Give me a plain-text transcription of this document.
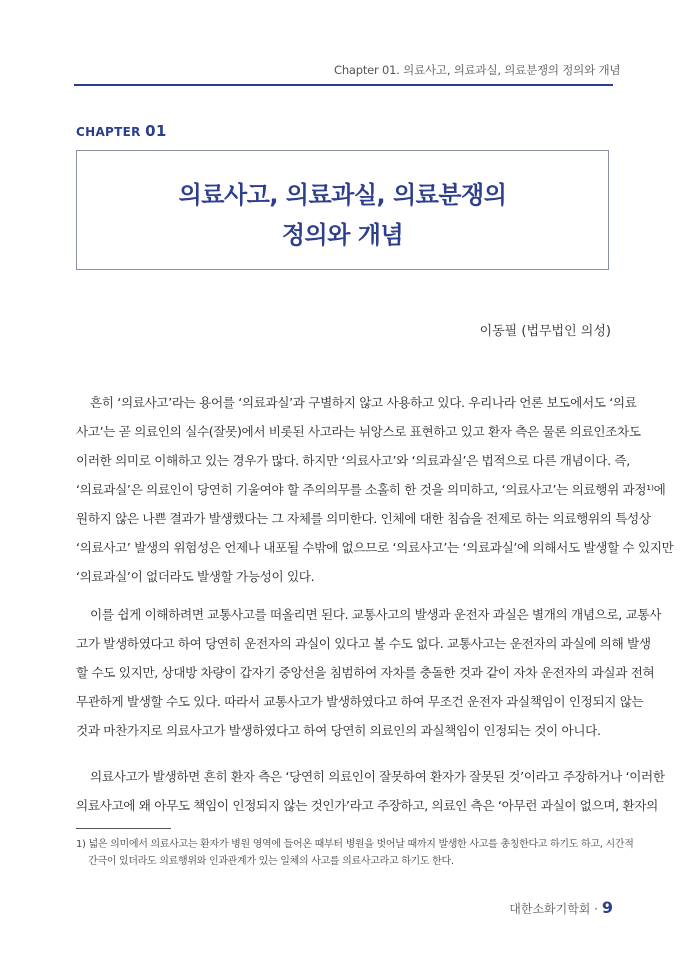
Chapter 01. 의료사고, 의료과실, 의료분쟁의 정의와 개념
CHAPTER 01
의료사고, 의료과실, 의료분쟁의
정의와 개념
이동필 (법무법인 의성)
흔히 ‘의료사고’라는 용어를 ‘의료과실’과 구별하지 않고 사용하고 있다. 우리나라 언론 보도에서도 ‘의료
사고’는 곧 의료인의 실수(잘못)에서 비롯된 사고라는 뉘앙스로 표현하고 있고 환자 측은 물론 의료인조차도
이러한 의미로 이해하고 있는 경우가 많다. 하지만 ‘의료사고’와 ‘의료과실’은 법적으로 다른 개념이다. 즉,
‘의료과실’은 의료인이 당연히 기울여야 할 주의의무를 소홀히 한 것을 의미하고, ‘의료사고’는 의료행위 과정¹⁾에
원하지 않은 나쁜 결과가 발생했다는 그 자체를 의미한다. 인체에 대한 침습을 전제로 하는 의료행위의 특성상
‘의료사고’ 발생의 위험성은 언제나 내포될 수밖에 없으므로 ‘의료사고’는 ‘의료과실’에 의해서도 발생할 수 있지만
‘의료과실’이 없더라도 발생할 가능성이 있다.
이를 쉽게 이해하려면 교통사고를 떠올리면 된다. 교통사고의 발생과 운전자 과실은 별개의 개념으로, 교통사
고가 발생하였다고 하여 당연히 운전자의 과실이 있다고 볼 수도 없다. 교통사고는 운전자의 과실에 의해 발생
할 수도 있지만, 상대방 차량이 갑자기 중앙선을 침범하여 자차를 충돌한 것과 같이 자차 운전자의 과실과 전혀
무관하게 발생할 수도 있다. 따라서 교통사고가 발생하였다고 하여 무조건 운전자 과실책임이 인정되지 않는
것과 마찬가지로 의료사고가 발생하였다고 하여 당연히 의료인의 과실책임이 인정되는 것이 아니다.
의료사고가 발생하면 흔히 환자 측은 ‘당연히 의료인이 잘못하여 환자가 잘못된 것’이라고 주장하거나 ‘이러한
의료사고에 왜 아무도 책임이 인정되지 않는 것인가’라고 주장하고, 의료인 측은 ‘아무런 과실이 없으며, 환자의
1) 넓은 의미에서 의료사고는 환자가 병원 영역에 들어온 때부터 병원을 벗어날 때까지 발생한 사고를 총칭한다고 하기도 하고, 시간적
간극이 있더라도 의료행위와 인과관계가 있는 일체의 사고를 의료사고라고 하기도 한다.
대한소화기학회 · 9
